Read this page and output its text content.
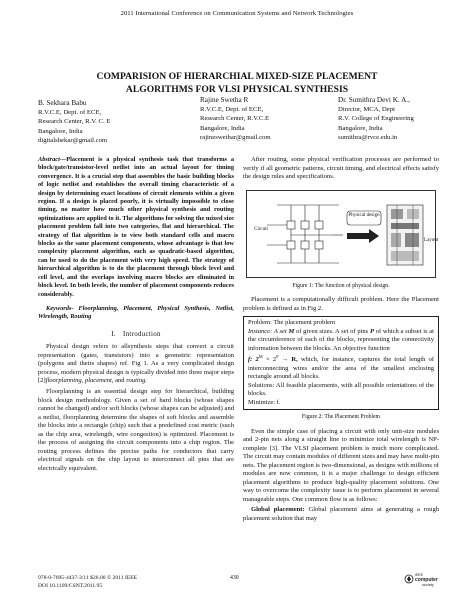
2011 International Conference on Communication Systems and Network Technologies
COMPARISION OF HIERARCHIAL MIXED-SIZE PLACEMENT
ALGORITHMS FOR VLSI PHYSICAL SYNTHESIS
B. Sekhara Babu
R.V.C.E, Dept. of ECE,
Research Center, R.V. C. E
Bangalore, India
digitalshekar@gmail.com
Rajine Swetha R
R.V.C.E, Dept. of ECE,
Research Center, R.V.C.E
Bangalore, India
rajineswethar@gmail.com
Dr. Sumithra Devi K. A.,
Director, MCA, Dept
R.V. College of Engineering
Bangalore, India
sumithra@rvce.edu.in

Abstract—Placement is a physical synthesis task that transforms a block/gate/transistor-level netlist into an actual layout for timing convergence. It is a crucial step that assembles the basic building blocks of logic netlist and establishes the overall timing characteristic of a design by determining exact locations of circuit elements within a given region. If a design is placed poorly, it is virtually impossible to close timing, no matter how much other physical synthesis and routing optimizations are applied to it. The algorithms for solving the mixed size placement problem fall into two categories, flat and hierarchical. The strategy of flat algorithm is to view both standard cells and macro blocks as the same placement components, whose advantage is that low complexity placement algorithm, such as quadratic-based algorithm, can be used to do the placement with very high speed. The strategy of hierarchical algorithm is to do the placement through block level and cell level, and the overlaps involving macro blocks are eliminated in block level. In both levels, the number of placement components reduces considerably.

Keywords- Floorplanning, Placement, Physical Synthesis, Netlist, Wirelength, Routing

I. Introduction

Physical design refers to allsynthesis steps that convert a circuit representation (gates, transistors) into a geometric representation (polygons and theirs shapes) ref. Fig 1. As a very complicated design process, modern physical design is typically divided into three major steps [2]floorplanning, placement, and routing.

Floorplanning is an essential design step for hierarchical, building block design methodology. Given a set of hard blocks (whose shapes cannot be changed) and/or soft blocks (whose shapes can be adjusted) and a netlist, floorplanning determine the shapes of soft blocks and assemble the blocks into a rectangle (chip) such that a predefined cost metric (such as the chip area, wirelength, wire congestion) is optimized. Placement is the process of assigning the circuit components into a chip region. The routing process defines the precise paths for conductors that carry electrical signals on the chip layout to interconnect all pins that are electrically equivalent.

After routing, some physical verification processes are performed to verify if all geometric patterns, circuit timing, and electrical effects satisfy the design rules and specifications.

Physical design
Circuit
Layout
Figure 1: The function of physical design.

Placement is a computationally difficult problem. Here the Placement problem is defined as in Fig 2.

Problem: The placement problem
Instance: A set M of given sizes. A set of pins P of which a subset is at the circumference of each of the blocks, representing the connectivity information between the blocks. An objective function
f: $2^M \times 2^P \to R$, which, for instance, captures the total length of interconnecting wires and/or the area of the smallest enclosing rectangle around all blocks.
Solutions: All feasible placements, with all possible orientations of the blocks.
Minimize: f.
Figure 2: The Placement Problem

Even the simple case of placing a circuit with only unit-size modules and 2-pin nets along a straight line to minimize total wirelength is NP-complete [3]. The VLSI placement problem is much more complicated. The circuit may contain modules of different sizes and may have multi-pin nets. The placement region is two-dimensional, as designs with millions of modules are now common, it is a major challenge to design efficient placement algorithms to produce high-quality placement solutions. One way to overcome the complexity issue is to perform placement in several manageable steps. One common flow is as follows:

Global placement: Global placement aims at generating a rough placement solution that may

978-0-7695-4437-3/11 $26.00 © 2011 IEEE
DOI 10.1109/CSNT.2011.95
430	IEEE
computer
society
